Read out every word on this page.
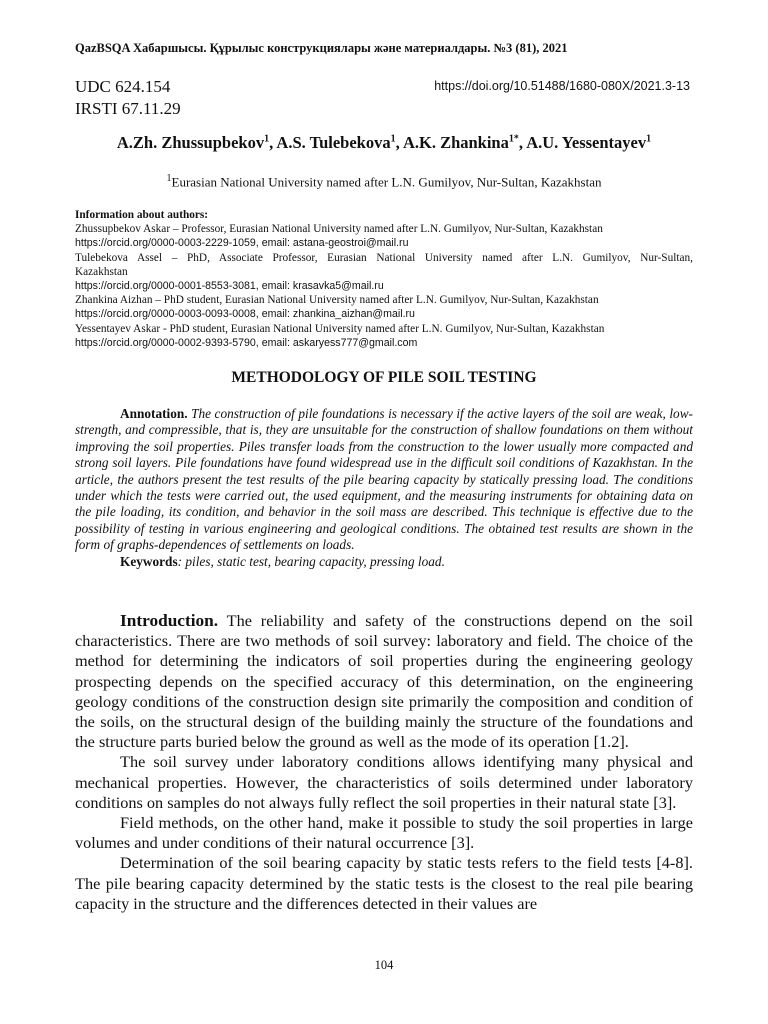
QazBSQA Хабаршысы. Құрылыс конструкциялары және материалдары. №3 (81), 2021
UDC 624.154
IRSTI 67.11.29
https://doi.org/10.51488/1680-080X/2021.3-13
A.Zh. Zhussupbekov$^1$, A.S. Tulebekova$^1$, A.K. Zhankina$^{1*}$, A.U. Yessentayev$^1$
$^1$Eurasian National University named after L.N. Gumilyov, Nur-Sultan, Kazakhstan
Information about authors:
Zhussupbekov Askar – Professor, Eurasian National University named after L.N. Gumilyov, Nur-Sultan, Kazakhstan
https://orcid.org/0000-0003-2229-1059, email: astana-geostroi@mail.ru
Tulebekova Assel – PhD, Associate Professor, Eurasian National University named after L.N. Gumilyov, Nur-Sultan,
Kazakhstan
https://orcid.org/0000-0001-8553-3081, email: krasavka5@mail.ru
Zhankina Aizhan – PhD student, Eurasian National University named after L.N. Gumilyov, Nur-Sultan, Kazakhstan
https://orcid.org/0000-0003-0093-0008, email: zhankina_aizhan@mail.ru
Yessentayev Askar - PhD student, Eurasian National University named after L.N. Gumilyov, Nur-Sultan, Kazakhstan
https://orcid.org/0000-0002-9393-5790, email: askaryess777@gmail.com
METHODOLOGY OF PILE SOIL TESTING

Annotation. The construction of pile foundations is necessary if the active layers of the soil are weak, low-strength, and compressible, that is, they are unsuitable for the construction of shallow foundations on them without improving the soil properties. Piles transfer loads from the construction to the lower usually more compacted and strong soil layers. Pile foundations have found widespread use in the difficult soil conditions of Kazakhstan. In the article, the authors present the test results of the pile bearing capacity by statically pressing load. The conditions under which the tests were carried out, the used equipment, and the measuring instruments for obtaining data on the pile loading, its condition, and behavior in the soil mass are described. This technique is effective due to the possibility of testing in various engineering and geological conditions. The obtained test results are shown in the form of graphs-dependences of settlements on loads.

Keywords: piles, static test, bearing capacity, pressing load.

Introduction. The reliability and safety of the constructions depend on the soil characteristics. There are two methods of soil survey: laboratory and field. The choice of the method for determining the indicators of soil properties during the engineering geology prospecting depends on the specified accuracy of this determination, on the engineering geology conditions of the construction design site primarily the composition and condition of the soils, on the structural design of the building mainly the structure of the foundations and the structure parts buried below the ground as well as the mode of its operation [1.2].

The soil survey under laboratory conditions allows identifying many physical and mechanical properties. However, the characteristics of soils determined under laboratory conditions on samples do not always fully reflect the soil properties in their natural state [3].

Field methods, on the other hand, make it possible to study the soil properties in large volumes and under conditions of their natural occurrence [3].

Determination of the soil bearing capacity by static tests refers to the field tests [4-8]. The pile bearing capacity determined by the static tests is the closest to the real pile bearing capacity in the structure and the differences detected in their values are

104
